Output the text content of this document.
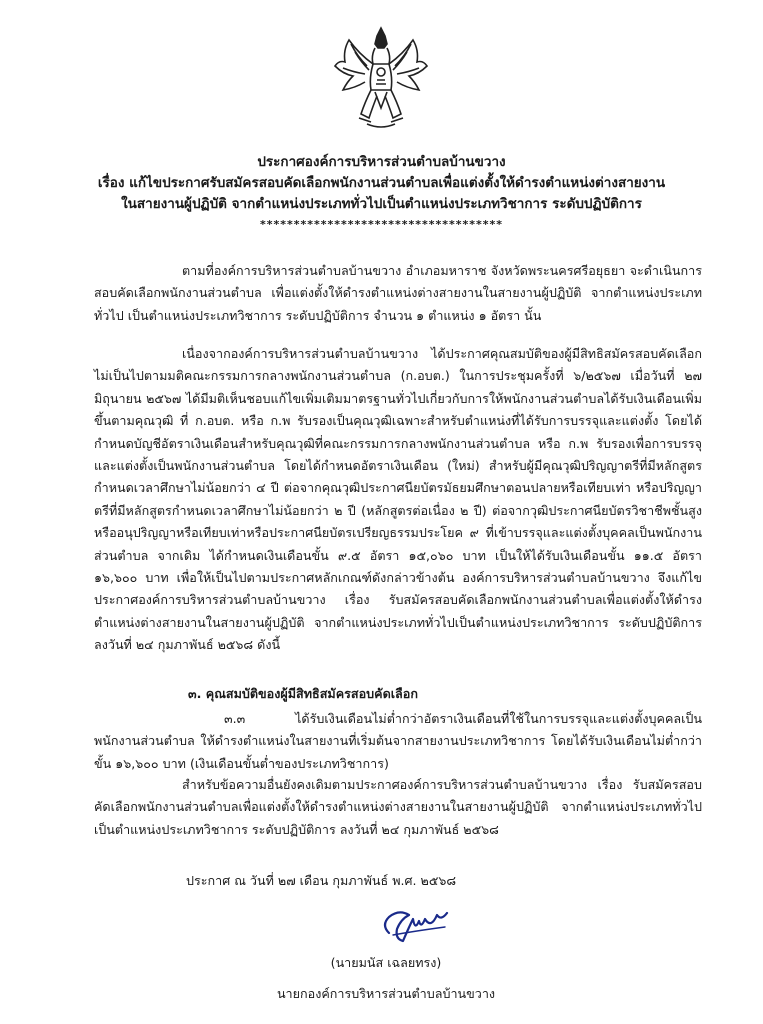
ประกาศองค์การบริหารส่วนตำบลบ้านขวาง
เรื่อง แก้ไขประกาศรับสมัครสอบคัดเลือกพนักงานส่วนตำบลเพื่อแต่งตั้งให้ดำรงตำแหน่งต่างสายงาน
ในสายงานผู้ปฏิบัติ จากตำแหน่งประเภททั่วไปเป็นตำแหน่งประเภทวิชาการ ระดับปฏิบัติการ
************************************
ตามที่องค์การบริหารส่วนตำบลบ้านขวาง อำเภอมหาราช จังหวัดพระนครศรีอยุธยา จะดำเนินการสอบคัดเลือกพนักงานส่วนตำบล เพื่อแต่งตั้งให้ดำรงตำแหน่งต่างสายงานในสายงานผู้ปฏิบัติ จากตำแหน่งประเภททั่วไป เป็นตำแหน่งประเภทวิชาการ ระดับปฏิบัติการ จำนวน ๑ ตำแหน่ง ๑ อัตรา นั้น
เนื่องจากองค์การบริหารส่วนตำบลบ้านขวาง ได้ประกาศคุณสมบัติของผู้มีสิทธิสมัครสอบคัดเลือกไม่เป็นไปตามมติคณะกรรมการกลางพนักงานส่วนตำบล (ก.อบต.) ในการประชุมครั้งที่ ๖/๒๕๖๗ เมื่อวันที่ ๒๗ มิถุนายน ๒๕๖๗ ได้มีมติเห็นชอบแก้ไขเพิ่มเติมมาตรฐานทั่วไปเกี่ยวกับการให้พนักงานส่วนตำบลได้รับเงินเดือนเพิ่มขึ้นตามคุณวุฒิ ที่ ก.อบต. หรือ ก.พ รับรองเป็นคุณวุฒิเฉพาะสำหรับตำแหน่งที่ได้รับการบรรจุและแต่งตั้ง โดยได้กำหนดบัญชีอัตราเงินเดือนสำหรับคุณวุฒิที่คณะกรรมการกลางพนักงานส่วนตำบล หรือ ก.พ รับรองเพื่อการบรรจุและแต่งตั้งเป็นพนักงานส่วนตำบล โดยได้กำหนดอัตราเงินเดือน (ใหม่) สำหรับผู้มีคุณวุฒิปริญญาตรีที่มีหลักสูตรกำหนดเวลาศึกษาไม่น้อยกว่า ๔ ปี ต่อจากคุณวุฒิประกาศนียบัตรมัธยมศึกษาตอนปลายหรือเทียบเท่า หรือปริญญาตรีที่มีหลักสูตรกำหนดเวลาศึกษาไม่น้อยกว่า ๒ ปี (หลักสูตรต่อเนื่อง ๒ ปี) ต่อจากวุฒิประกาศนียบัตรวิชาชีพชั้นสูงหรืออนุปริญญาหรือเทียบเท่าหรือประกาศนียบัตรเปรียญธรรมประโยค ๙ ที่เข้าบรรจุและแต่งตั้งบุคคลเป็นพนักงานส่วนตำบล จากเดิม ได้กำหนดเงินเดือนขั้น ๙.๕ อัตรา ๑๕,๐๖๐ บาท เป็นให้ได้รับเงินเดือนขั้น ๑๑.๕ อัตรา ๑๖,๖๐๐ บาท เพื่อให้เป็นไปตามประกาศหลักเกณฑ์ดังกล่าวข้างต้น องค์การบริหารส่วนตำบลบ้านขวาง จึงแก้ไขประกาศองค์การบริหารส่วนตำบลบ้านขวาง เรื่อง รับสมัครสอบคัดเลือกพนักงานส่วนตำบลเพื่อแต่งตั้งให้ดำรงตำแหน่งต่างสายงานในสายงานผู้ปฏิบัติ จากตำแหน่งประเภททั่วไปเป็นตำแหน่งประเภทวิชาการ ระดับปฏิบัติการ ลงวันที่ ๒๔ กุมภาพันธ์ ๒๕๖๘ ดังนี้
๓. คุณสมบัติของผู้มีสิทธิสมัครสอบคัดเลือก
๓.๓ ได้รับเงินเดือนไม่ต่ำกว่าอัตราเงินเดือนที่ใช้ในการบรรจุและแต่งตั้งบุคคลเป็นพนักงานส่วนตำบล ให้ดำรงตำแหน่งในสายงานที่เริ่มต้นจากสายงานประเภทวิชาการ โดยได้รับเงินเดือนไม่ต่ำกว่าขั้น ๑๖,๖๐๐ บาท (เงินเดือนขั้นต่ำของประเภทวิชาการ)
สำหรับข้อความอื่นยังคงเดิมตามประกาศองค์การบริหารส่วนตำบลบ้านขวาง เรื่อง รับสมัครสอบคัดเลือกพนักงานส่วนตำบลเพื่อแต่งตั้งให้ดำรงตำแหน่งต่างสายงานในสายงานผู้ปฏิบัติ จากตำแหน่งประเภททั่วไปเป็นตำแหน่งประเภทวิชาการ ระดับปฏิบัติการ ลงวันที่ ๒๔ กุมภาพันธ์ ๒๕๖๘
ประกาศ ณ วันที่ ๒๗ เดือน กุมภาพันธ์ พ.ศ. ๒๕๖๘
(นายมนัส เฉลยทรง)
นายกองค์การบริหารส่วนตำบลบ้านขวาง
